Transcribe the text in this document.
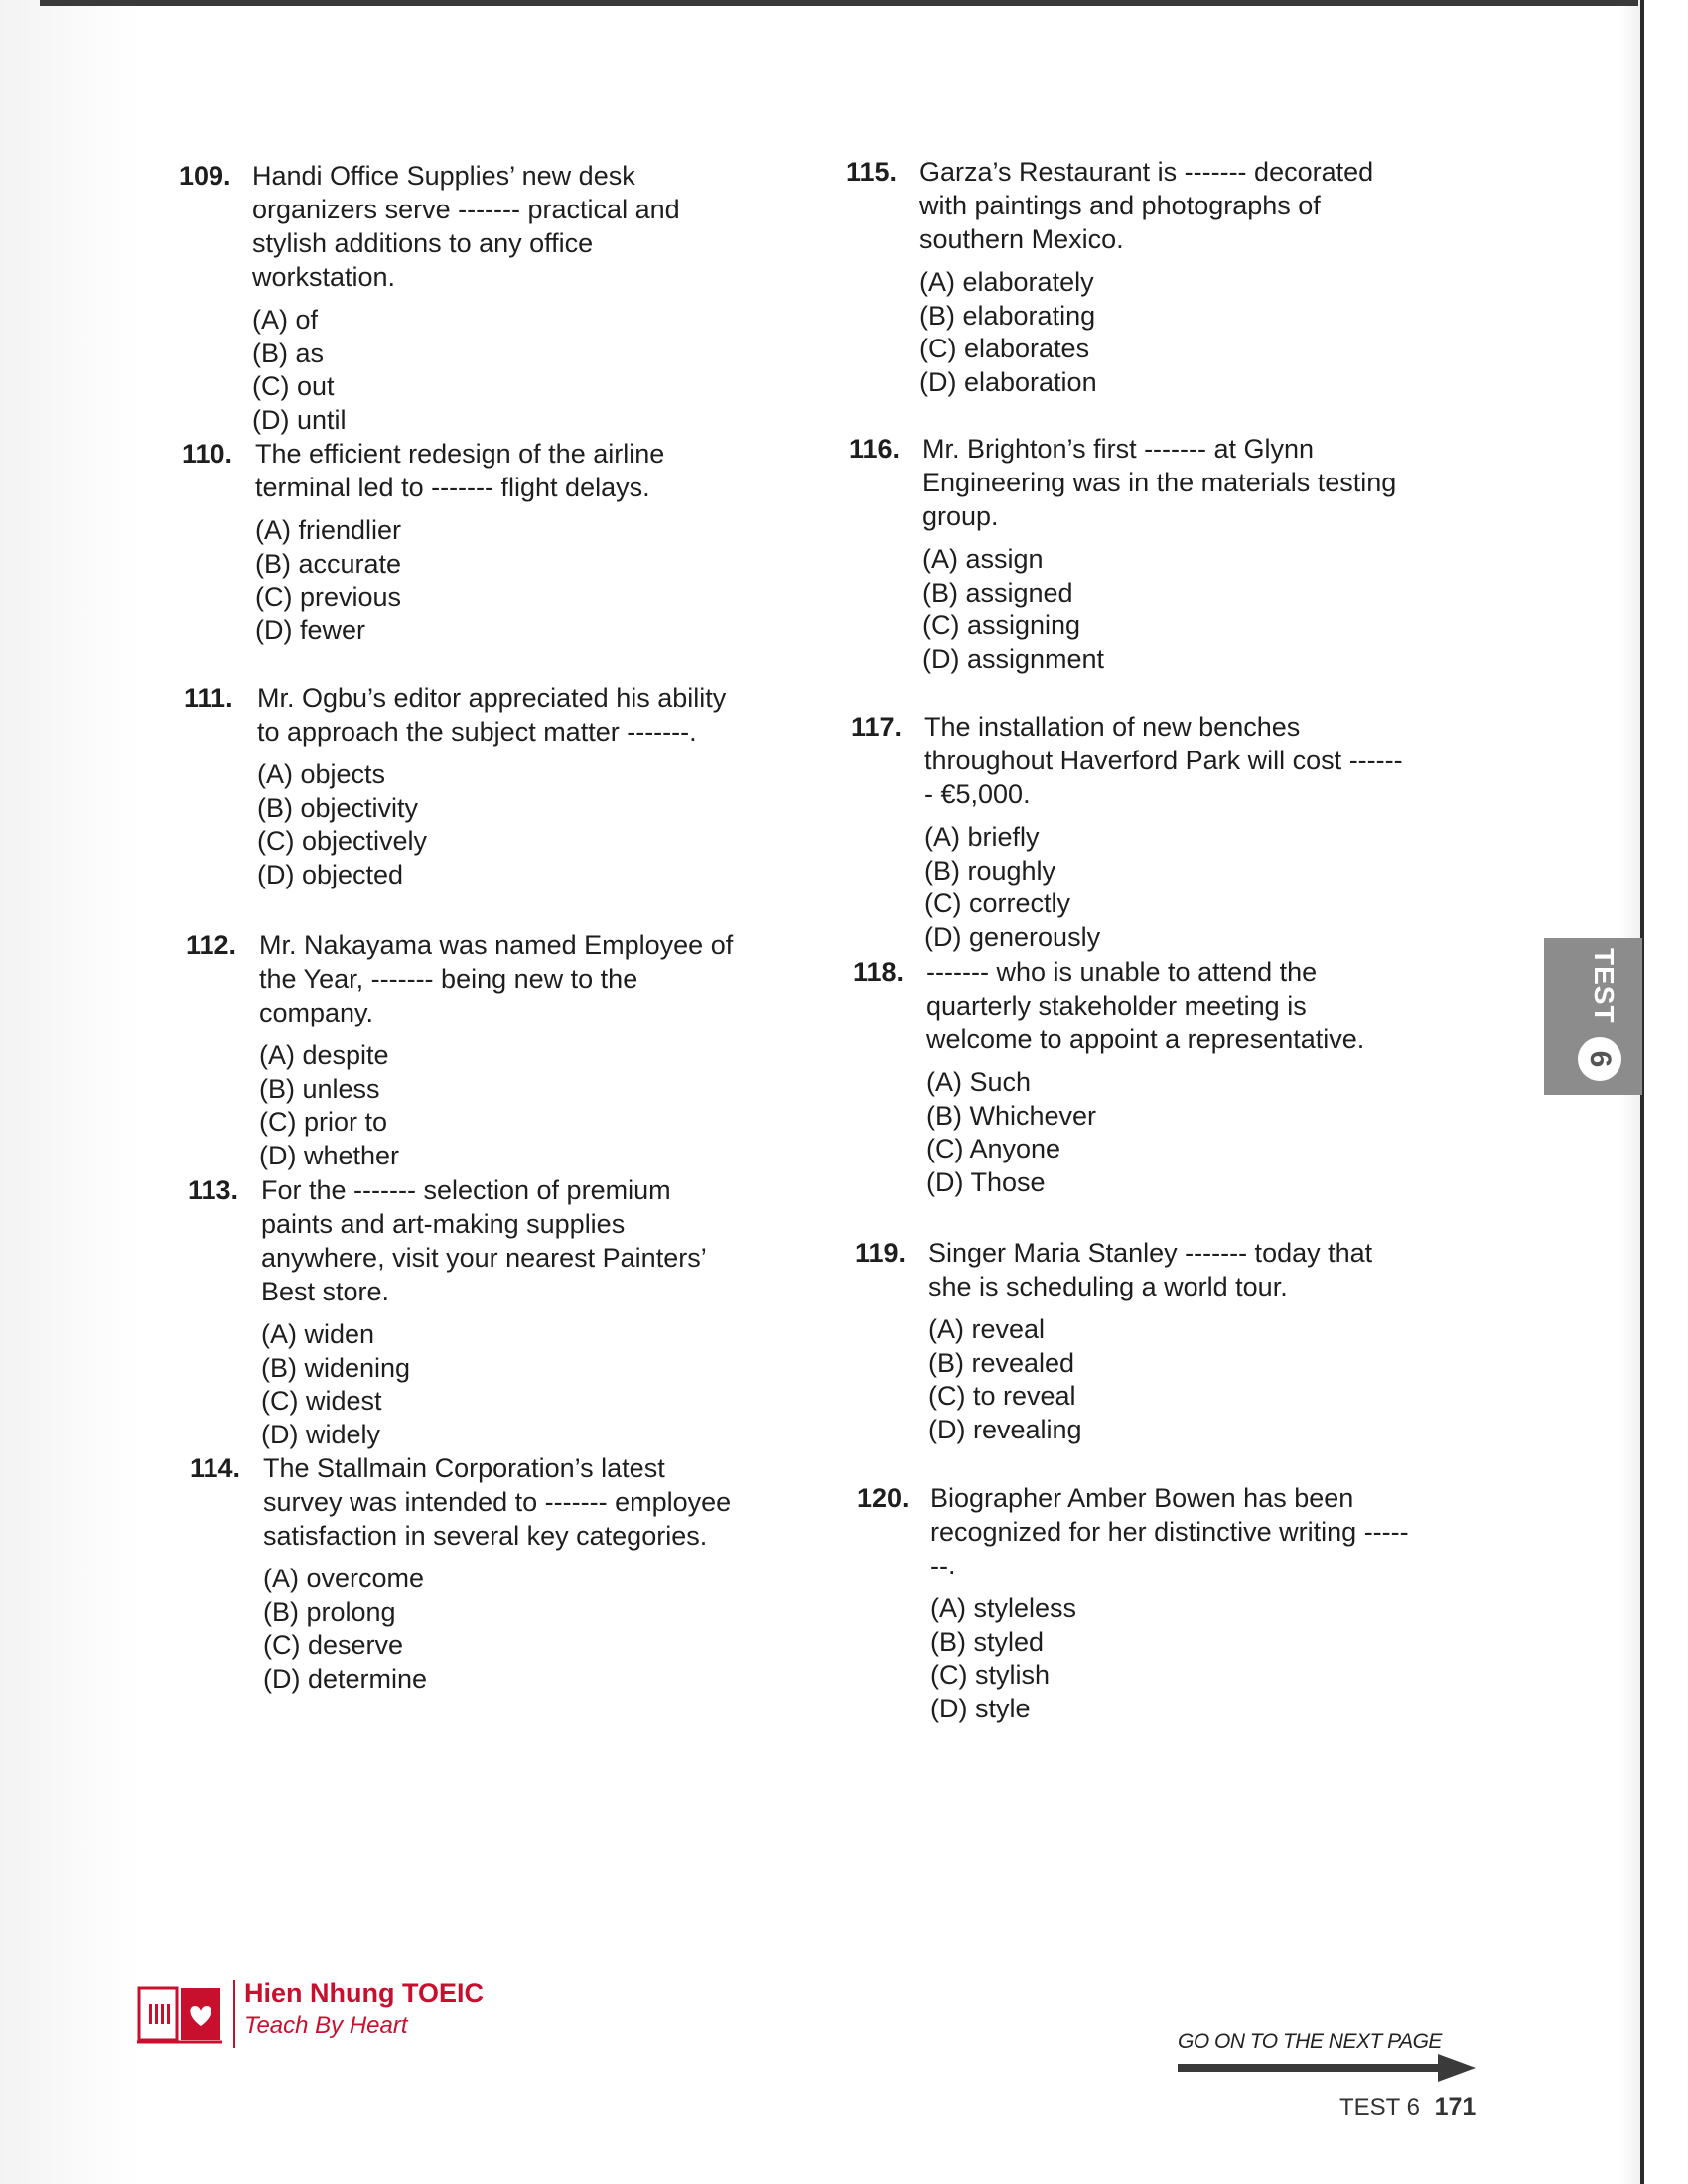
109. Handi Office Supplies’ new desk organizers serve ------- practical and stylish additions to any office workstation.
(A) of
(B) as
(C) out
(D) until
110. The efficient redesign of the airline terminal led to ------- flight delays.
(A) friendlier
(B) accurate
(C) previous
(D) fewer
111. Mr. Ogbu’s editor appreciated his ability to approach the subject matter -------.
(A) objects
(B) objectivity
(C) objectively
(D) objected
112. Mr. Nakayama was named Employee of the Year, ------- being new to the company.
(A) despite
(B) unless
(C) prior to
(D) whether
113. For the ------- selection of premium paints and art-making supplies anywhere, visit your nearest Painters’ Best store.
(A) widen
(B) widening
(C) widest
(D) widely
114. The Stallmain Corporation’s latest survey was intended to ------- employee satisfaction in several key categories.
(A) overcome
(B) prolong
(C) deserve
(D) determine
115. Garza’s Restaurant is ------- decorated with paintings and photographs of southern Mexico.
(A) elaborately
(B) elaborating
(C) elaborates
(D) elaboration
116. Mr. Brighton’s first ------- at Glynn Engineering was in the materials testing group.
(A) assign
(B) assigned
(C) assigning
(D) assignment
117. The installation of new benches throughout Haverford Park will cost ------- €5,000.
(A) briefly
(B) roughly
(C) correctly
(D) generously
118. ------- who is unable to attend the quarterly stakeholder meeting is welcome to appoint a representative.
(A) Such
(B) Whichever
(C) Anyone
(D) Those
119. Singer Maria Stanley ------- today that she is scheduling a world tour.
(A) reveal
(B) revealed
(C) to reveal
(D) revealing
120. Biographer Amber Bowen has been recognized for her distinctive writing -------.
(A) styleless
(B) styled
(C) stylish
(D) style
TEST
6
Hien Nhung TOEIC
Teach By Heart
GO ON TO THE NEXT PAGE
TEST 6 171
